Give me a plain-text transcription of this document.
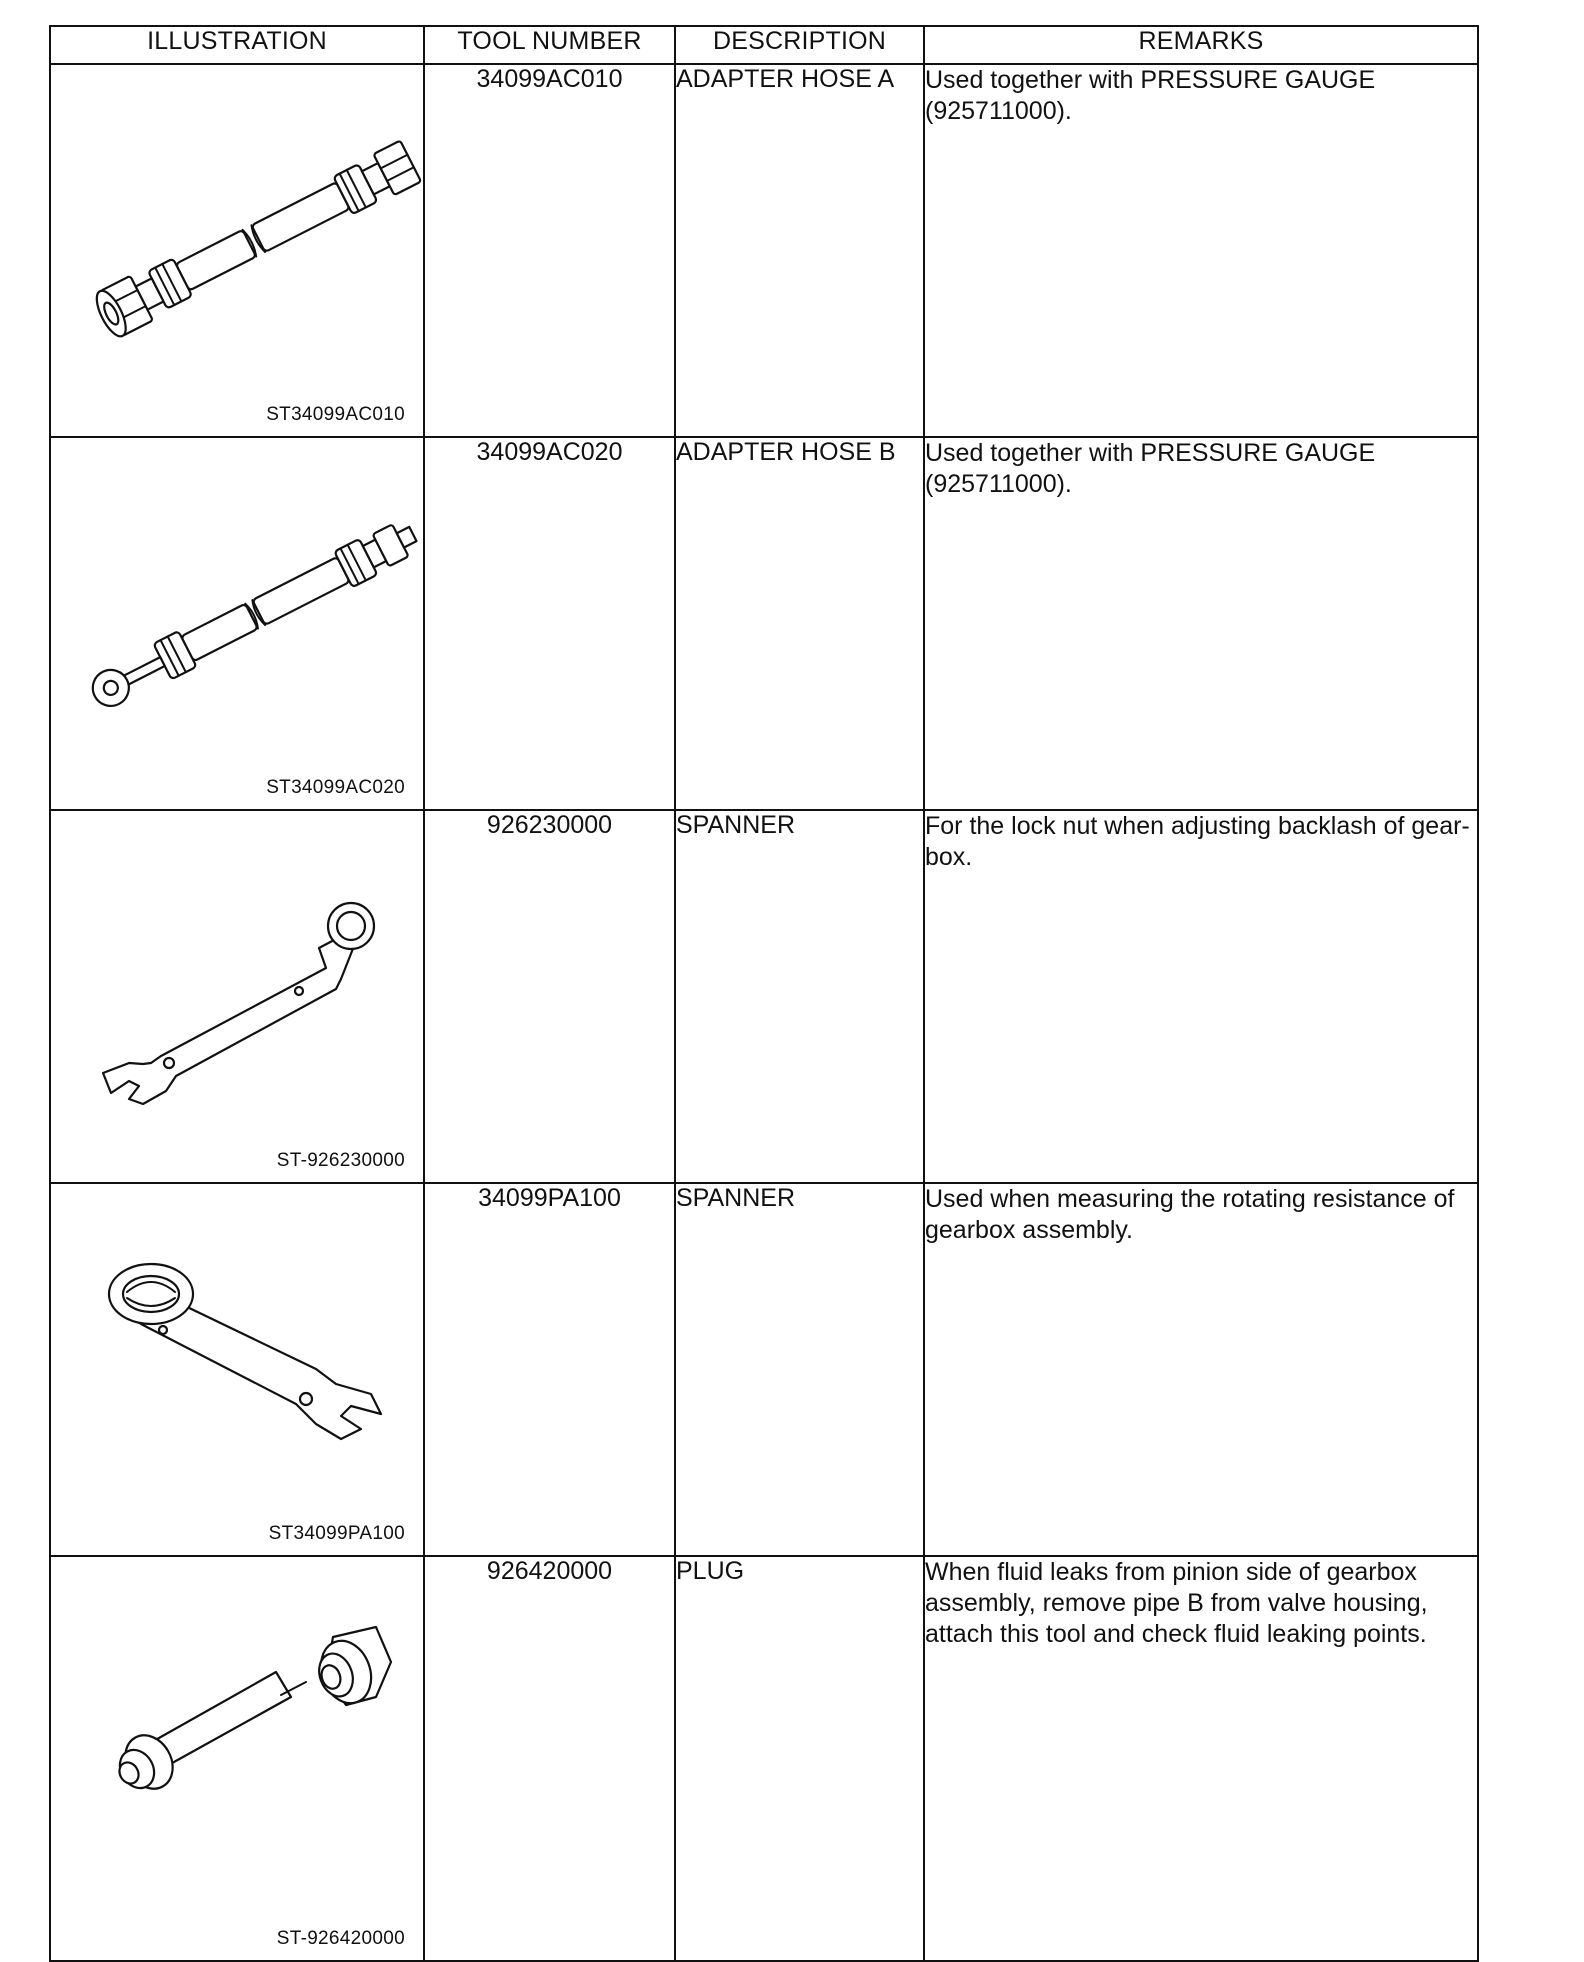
ILLUSTRATION	TOOL NUMBER	DESCRIPTION	REMARKS

ST34099AC010	34099AC010	ADAPTER HOSE A	Used together with PRESSURE GAUGE (925711000).

ST34099AC020	34099AC020	ADAPTER HOSE B	Used together with PRESSURE GAUGE (925711000).

ST-926230000	926230000	SPANNER	For the lock nut when adjusting backlash of gear-box.

ST34099PA100	34099PA100	SPANNER	Used when measuring the rotating resistance of gearbox assembly.

ST-926420000	926420000	PLUG	When fluid leaks from pinion side of gearbox assembly, remove pipe B from valve housing, attach this tool and check fluid leaking points.
